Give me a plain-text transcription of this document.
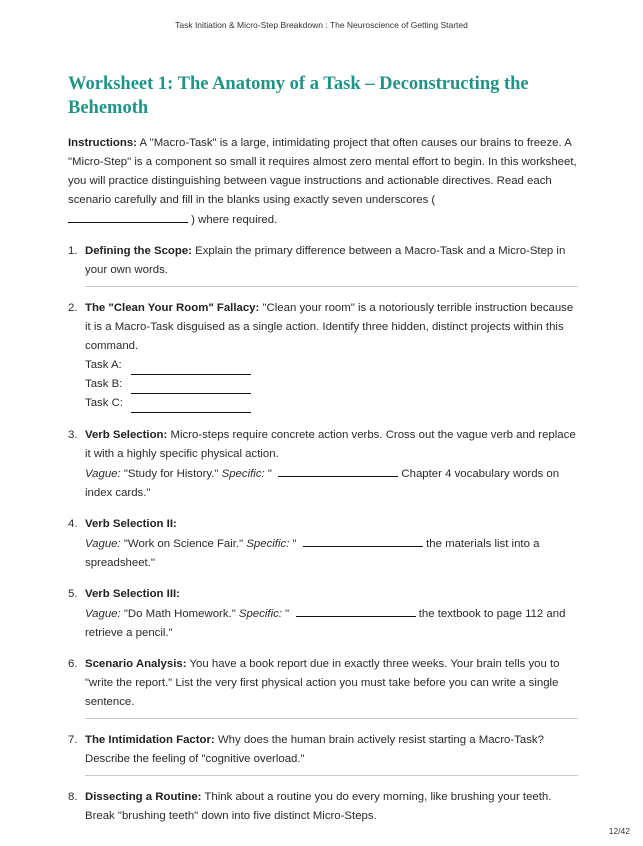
Task Initiation & Micro-Step Breakdown : The Neuroscience of Getting Started
Worksheet 1: The Anatomy of a Task – Deconstructing the Behemoth

Instructions: A "Macro-Task" is a large, intimidating project that often causes our brains to freeze. A "Micro-Step" is a component so small it requires almost zero mental effort to begin. In this worksheet, you will practice distinguishing between vague instructions and actionable directives. Read each scenario carefully and fill in the blanks using exactly seven underscores (
) where required.

1. Defining the Scope: Explain the primary difference between a Macro-Task and a Micro-Step in your own words.
2. The "Clean Your Room" Fallacy: "Clean your room" is a notoriously terrible instruction because it is a Macro-Task disguised as a single action. Identify three hidden, distinct projects within this command.
Task A:
Task B:
Task C:
3. Verb Selection: Micro-steps require concrete action verbs. Cross out the vague verb and replace it with a highly specific physical action.
Vague: "Study for History." Specific: "	Chapter 4 vocabulary words on index cards."
4. Verb Selection II:
Vague: "Work on Science Fair." Specific: "	the materials list into a spreadsheet."
5. Verb Selection III:
Vague: "Do Math Homework." Specific: "	the textbook to page 112 and retrieve a pencil."
6. Scenario Analysis: You have a book report due in exactly three weeks. Your brain tells you to "write the report." List the very first physical action you must take before you can write a single sentence.
7. The Intimidation Factor: Why does the human brain actively resist starting a Macro-Task? Describe the feeling of "cognitive overload."
8. Dissecting a Routine: Think about a routine you do every morning, like brushing your teeth. Break "brushing teeth" down into five distinct Micro-Steps.
12/42
